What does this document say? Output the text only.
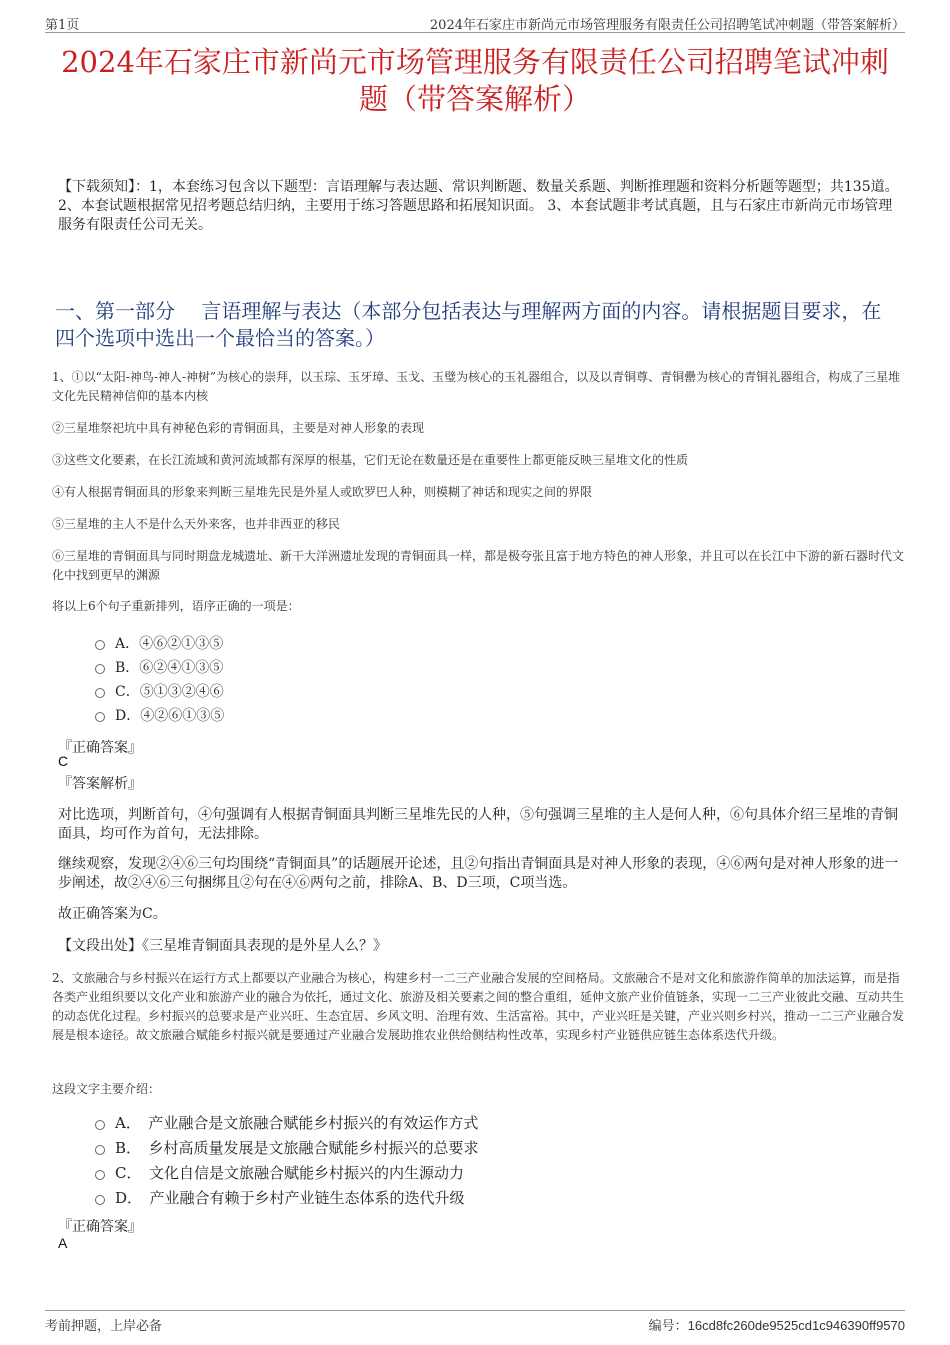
第1页	2024年石家庄市新尚元市场管理服务有限责任公司招聘笔试冲刺题（带答案解析）
2024年石家庄市新尚元市场管理服务有限责任公司招聘笔试冲刺题（带答案解析）
【下载须知】：1，本套练习包含以下题型：言语理解与表达题、常识判断题、数量关系题、判断推理题和资料分析题等题型；共135道。 2、本套试题根据常见招考题总结归纳，主要用于练习答题思路和拓展知识面。 3、本套试题非考试真题，且与石家庄市新尚元市场管理服务有限责任公司无关。
一、第一部分　 言语理解与表达（本部分包括表达与理解两方面的内容。请根据题目要求，在四个选项中选出一个最恰当的答案。）
1、①以“太阳-神鸟-神人-神树”为核心的崇拜，以玉琮、玉牙璋、玉戈、玉璧为核心的玉礼器组合，以及以青铜尊、青铜罍为核心的青铜礼器组合，构成了三星堆文化先民精神信仰的基本内核
②三星堆祭祀坑中具有神秘色彩的青铜面具，主要是对神人形象的表现
③这些文化要素，在长江流域和黄河流域都有深厚的根基，它们无论在数量还是在重要性上都更能反映三星堆文化的性质
④有人根据青铜面具的形象来判断三星堆先民是外星人或欧罗巴人种，则模糊了神话和现实之间的界限
⑤三星堆的主人不是什么天外来客，也并非西亚的移民
⑥三星堆的青铜面具与同时期盘龙城遗址、新干大洋洲遗址发现的青铜面具一样，都是极夸张且富于地方特色的神人形象，并且可以在长江中下游的新石器时代文化中找到更早的渊源
将以上6个句子重新排列，语序正确的一项是：
A．④⑥②①③⑤
B．⑥②④①③⑤
C．⑤①③②④⑥
D．④②⑥①③⑤
『正确答案』
C
『答案解析』
对比选项，判断首句，④句强调有人根据青铜面具判断三星堆先民的人种，⑤句强调三星堆的主人是何人种，⑥句具体介绍三星堆的青铜面具，均可作为首句，无法排除。
继续观察，发现②④⑥三句均围绕“青铜面具”的话题展开论述，且②句指出青铜面具是对神人形象的表现，④⑥两句是对神人形象的进一步阐述，故②④⑥三句捆绑且②句在④⑥两句之前，排除A、B、D三项，C项当选。
故正确答案为C。
【文段出处】《三星堆青铜面具表现的是外星人么？》
2、文旅融合与乡村振兴在运行方式上都要以产业融合为核心，构建乡村一二三产业融合发展的空间格局。文旅融合不是对文化和旅游作简单的加法运算，而是指各类产业组织要以文化产业和旅游产业的融合为依托，通过文化、旅游及相关要素之间的整合重组，延伸文旅产业价值链条，实现一二三产业彼此交融、互动共生的动态优化过程。乡村振兴的总要求是产业兴旺、生态宜居、乡风文明、治理有效、生活富裕。其中，产业兴旺是关键，产业兴则乡村兴，推动一二三产业融合发展是根本途径。故文旅融合赋能乡村振兴就是要通过产业融合发展助推农业供给侧结构性改革，实现乡村产业链供应链生态体系迭代升级。
这段文字主要介绍：
A．　产业融合是文旅融合赋能乡村振兴的有效运作方式
B．　乡村高质量发展是文旅融合赋能乡村振兴的总要求
C．　文化自信是文旅融合赋能乡村振兴的内生源动力
D．　产业融合有赖于乡村产业链生态体系的迭代升级
『正确答案』
A
考前押题，上岸必备	编号：16cd8fc260de9525cd1c946390ff9570
